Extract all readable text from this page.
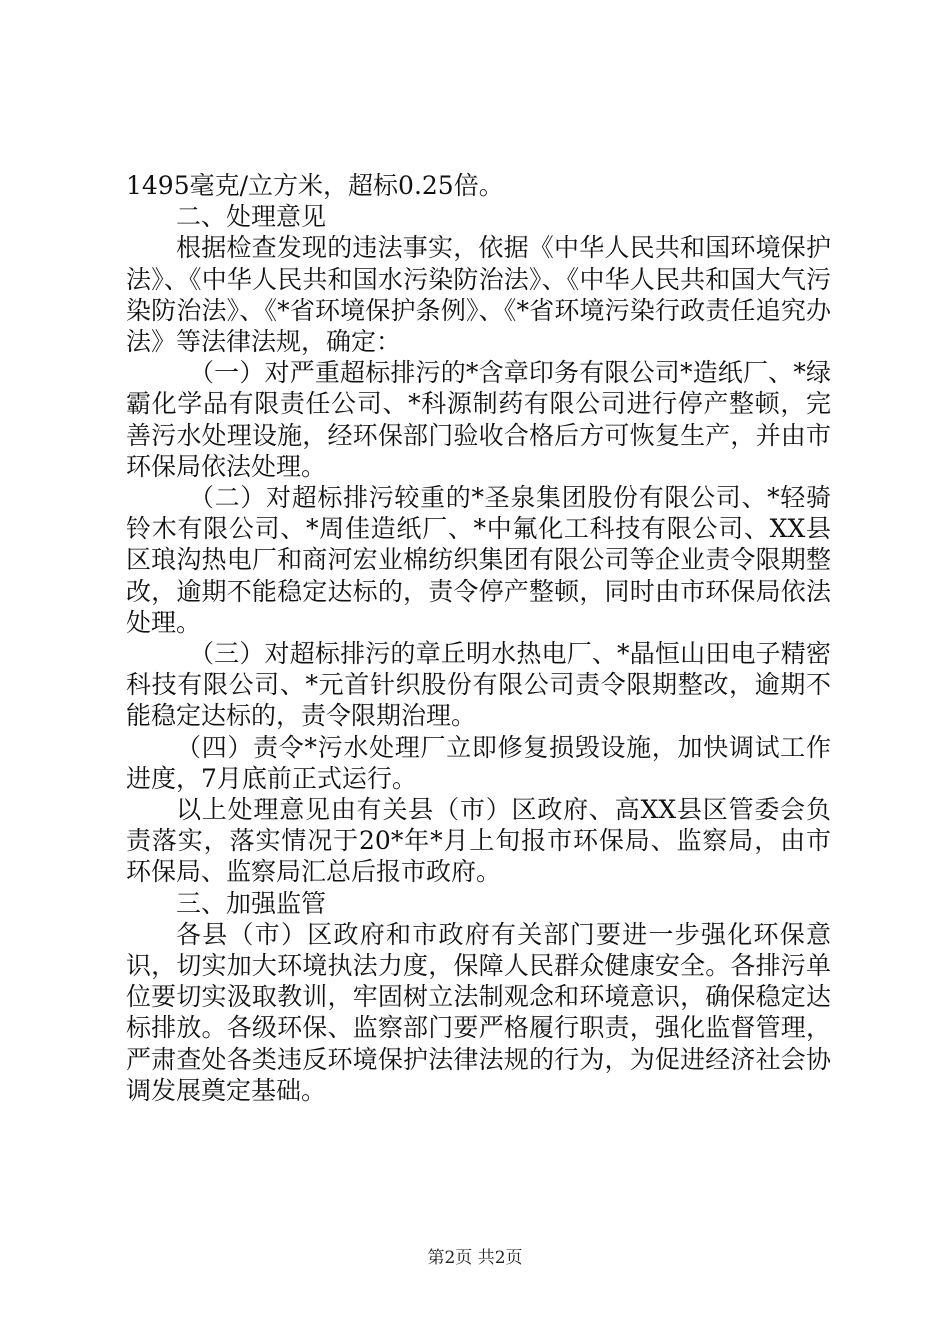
1495毫克/立方米，超标0.25倍。

二、处理意见

根据检查发现的违法事实，依据《中华人民共和国环境保护法》、《中华人民共和国水污染防治法》、《中华人民共和国大气污染防治法》、《*省环境保护条例》、《*省环境污染行政责任追究办法》等法律法规，确定：

（一）对严重超标排污的*含章印务有限公司*造纸厂、*绿霸化学品有限责任公司、*科源制药有限公司进行停产整顿，完善污水处理设施，经环保部门验收合格后方可恢复生产，并由市环保局依法处理。

（二）对超标排污较重的*圣泉集团股份有限公司、*轻骑铃木有限公司、*周佳造纸厂、*中氟化工科技有限公司、XX县区琅沟热电厂和商河宏业棉纺织集团有限公司等企业责令限期整改，逾期不能稳定达标的，责令停产整顿，同时由市环保局依法处理。

（三）对超标排污的章丘明水热电厂、*晶恒山田电子精密科技有限公司、*元首针织股份有限公司责令限期整改，逾期不能稳定达标的，责令限期治理。

（四）责令*污水处理厂立即修复损毁设施，加快调试工作进度，7月底前正式运行。

以上处理意见由有关县（市）区政府、高XX县区管委会负责落实，落实情况于20*年*月上旬报市环保局、监察局，由市环保局、监察局汇总后报市政府。

三、加强监管

各县（市）区政府和市政府有关部门要进一步强化环保意识，切实加大环境执法力度，保障人民群众健康安全。各排污单位要切实汲取教训，牢固树立法制观念和环境意识，确保稳定达标排放。各级环保、监察部门要严格履行职责，强化监督管理，严肃查处各类违反环境保护法律法规的行为，为促进经济社会协调发展奠定基础。

第2页 共2页
